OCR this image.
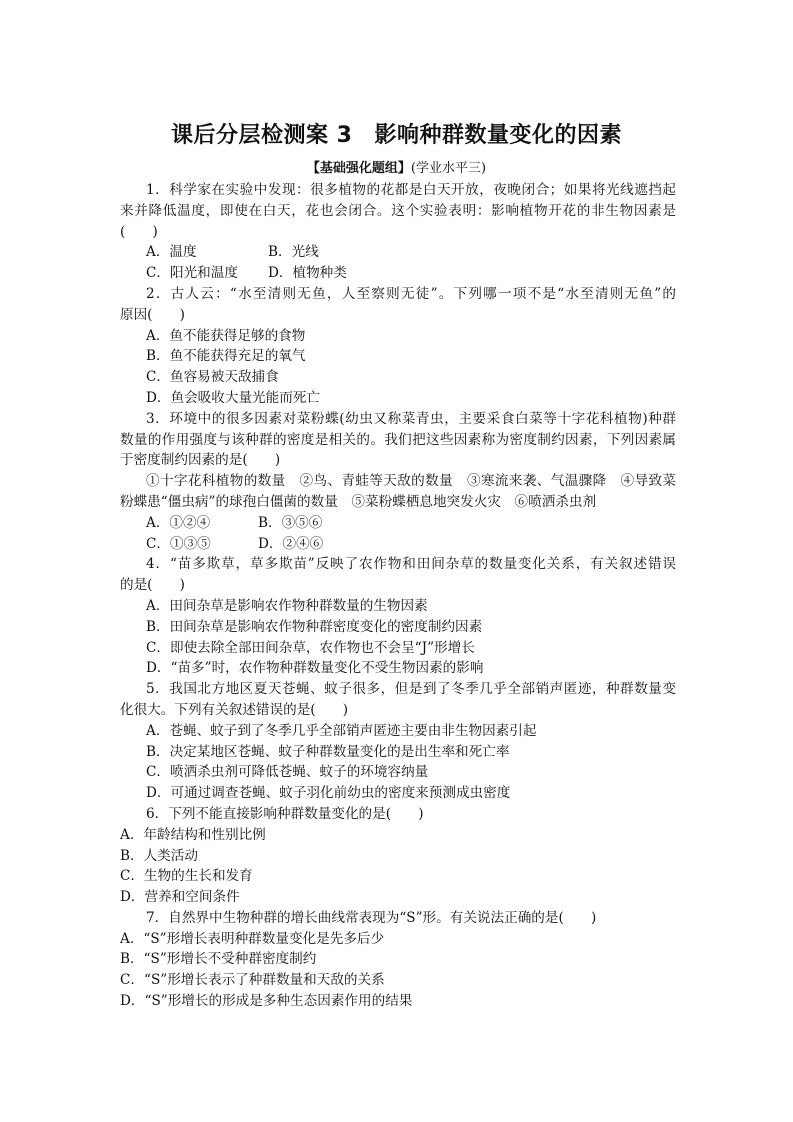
课后分层检测案 3 影响种群数量变化的因素
【基础强化题组】(学业水平三)
1．科学家在实验中发现：很多植物的花都是白天开放，夜晚闭合；如果将光线遮挡起
来并降低温度，即使在白天，花也会闭合。这个实验表明：影响植物开花的非生物因素是
(　　)
A．温度	B．光线
C．阳光和温度 D．植物种类
2．古人云：“水至清则无鱼，人至察则无徒”。下列哪一项不是“水至清则无鱼”的
原因(　　)
A．鱼不能获得足够的食物
B．鱼不能获得充足的氧气
C．鱼容易被天敌捕食
D．鱼会吸收大量光能而死亡
3．环境中的很多因素对菜粉蝶(幼虫又称菜青虫，主要采食白菜等十字花科植物)种群
数量的作用强度与该种群的密度是相关的。我们把这些因素称为密度制约因素，下列因素属
于密度制约因素的是(　　)
①十字花科植物的数量　②鸟、青蛙等天敌的数量　③寒流来袭、气温骤降　④导致菜
粉蝶患“僵虫病”的球孢白僵菌的数量　⑤菜粉蝶栖息地突发火灾　⑥喷洒杀虫剂
A．①②④	B．③⑤⑥
C．①③⑤	D．②④⑥
4．“苗多欺草，草多欺苗”反映了农作物和田间杂草的数量变化关系，有关叙述错误
的是(　　)
A．田间杂草是影响农作物种群数量的生物因素
B．田间杂草是影响农作物种群密度变化的密度制约因素
C．即使去除全部田间杂草，农作物也不会呈“J”形增长
D．“苗多”时，农作物种群数量变化不受生物因素的影响
5．我国北方地区夏天苍蝇、蚊子很多，但是到了冬季几乎全部销声匿迹，种群数量变
化很大。下列有关叙述错误的是(　　)
A．苍蝇、蚊子到了冬季几乎全部销声匿迹主要由非生物因素引起
B．决定某地区苍蝇、蚊子种群数量变化的是出生率和死亡率
C．喷洒杀虫剂可降低苍蝇、蚊子的环境容纳量
D．可通过调查苍蝇、蚊子羽化前幼虫的密度来预测成虫密度
6．下列不能直接影响种群数量变化的是(　　)
A．年龄结构和性别比例
B．人类活动
C．生物的生长和发育
D．营养和空间条件
7．自然界中生物种群的增长曲线常表现为“S”形。有关说法正确的是(　　)
A．“S”形增长表明种群数量变化是先多后少
B．“S”形增长不受种群密度制约
C．“S”形增长表示了种群数量和天敌的关系
D．“S”形增长的形成是多种生态因素作用的结果
